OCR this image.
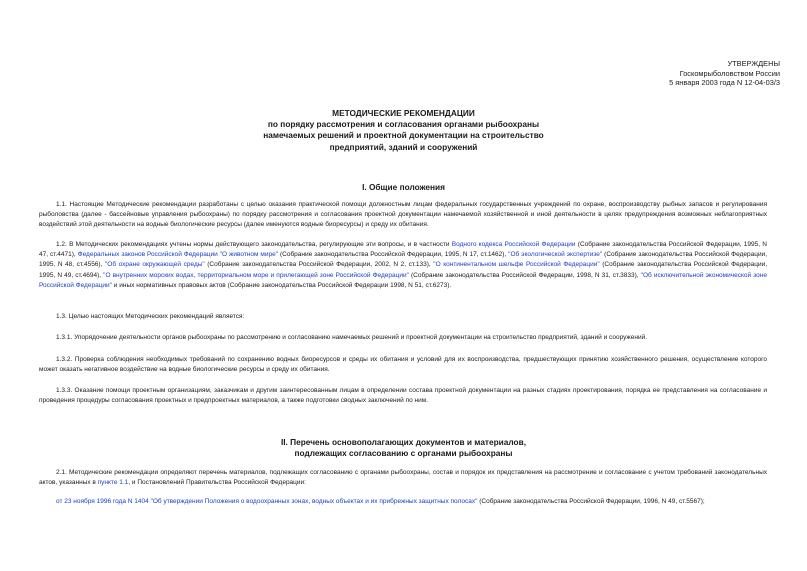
УТВЕРЖДЕНЫ
Госкомрыболовством России
5 января 2003 года N 12-04-03/3
МЕТОДИЧЕСКИЕ РЕКОМЕНДАЦИИ
по порядку рассмотрения и согласования органами рыбоохраны
намечаемых решений и проектной документации на строительство
предприятий, зданий и сооружений
I. Общие положения
1.1. Настоящие Методические рекомендации разработаны с целью оказания практической помощи должностным лицам федеральных государственных учреждений по охране, воспроизводству рыбных запасов и регулирования рыболовства (далее - бассейновые управления рыбоохраны) по порядку рассмотрения и согласования проектной документации намечаемой хозяйственной и иной деятельности в целях предупреждения возможных неблагоприятных воздействий этой деятельности на водные биологические ресурсы (далее именуются водные биоресурсы) и среду их обитания.
1.2. В Методических рекомендациях учтены нормы действующего законодательства, регулирующие эти вопросы, и в частности Водного кодекса Российской Федерации (Собрание законодательства Российской Федерации, 1995, N 47, ст.4471), Федеральных законов Российской Федерации "О животном мире" (Собрание законодательства Российской Федерации, 1995, N 17, ст.1462), "Об экологической экспертизе" (Собрание законодательства Российской Федерации, 1995, N 48, ст.4556), "Об охране окружающей среды" (Собрание законодательства Российской Федерации, 2002, N 2, ст.133), "О континентальном шельфе Российской Федерации" (Собрание законодательства Российской Федерации, 1995, N 49, ст.4694), "О внутренних морских водах, территориальном море и прилегающей зоне Российской Федерации" (Собрание законодательства Российской Федерации, 1998, N 31, ст.3833), "Об исключительной экономической зоне Российской Федерации" и иных нормативных правовых актов (Собрание законодательства Российской Федерации 1998, N 51, ст.6273).
1.3. Целью настоящих Методических рекомендаций является:
1.3.1. Упорядочение деятельности органов рыбоохраны по рассмотрению и согласованию намечаемых решений и проектной документации на строительство предприятий, зданий и сооружений.
1.3.2. Проверка соблюдения необходимых требований по сохранению водных биоресурсов и среды их обитания и условий для их воспроизводства, предшествующих принятию хозяйственного решения, осуществление которого может оказать негативное воздействие на водные биологические ресурсы и среду их обитания.
1.3.3. Оказание помощи проектным организациям, заказчикам и другим заинтересованным лицам в определении состава проектной документации на разных стадиях проектирования, порядка ее представления на согласование и проведения процедуры согласования проектных и предпроектных материалов, а также подготовки сводных заключений по ним.
II. Перечень основополагающих документов и материалов,
подлежащих согласованию с органами рыбоохраны
2.1. Методические рекомендации определяют перечень материалов, подлежащих согласованию с органами рыбоохраны, состав и порядок их представления на рассмотрение и согласование с учетом требований законодательных актов, указанных в пункте 1.1, и Постановлений Правительства Российской Федерации:
от 23 ноября 1996 года N 1404 "Об утверждении Положения о водоохранных зонах, водных объектах и их прибрежных защитных полосах" (Собрание законодательства Российской Федерации, 1996, N 49, ст.5567);
